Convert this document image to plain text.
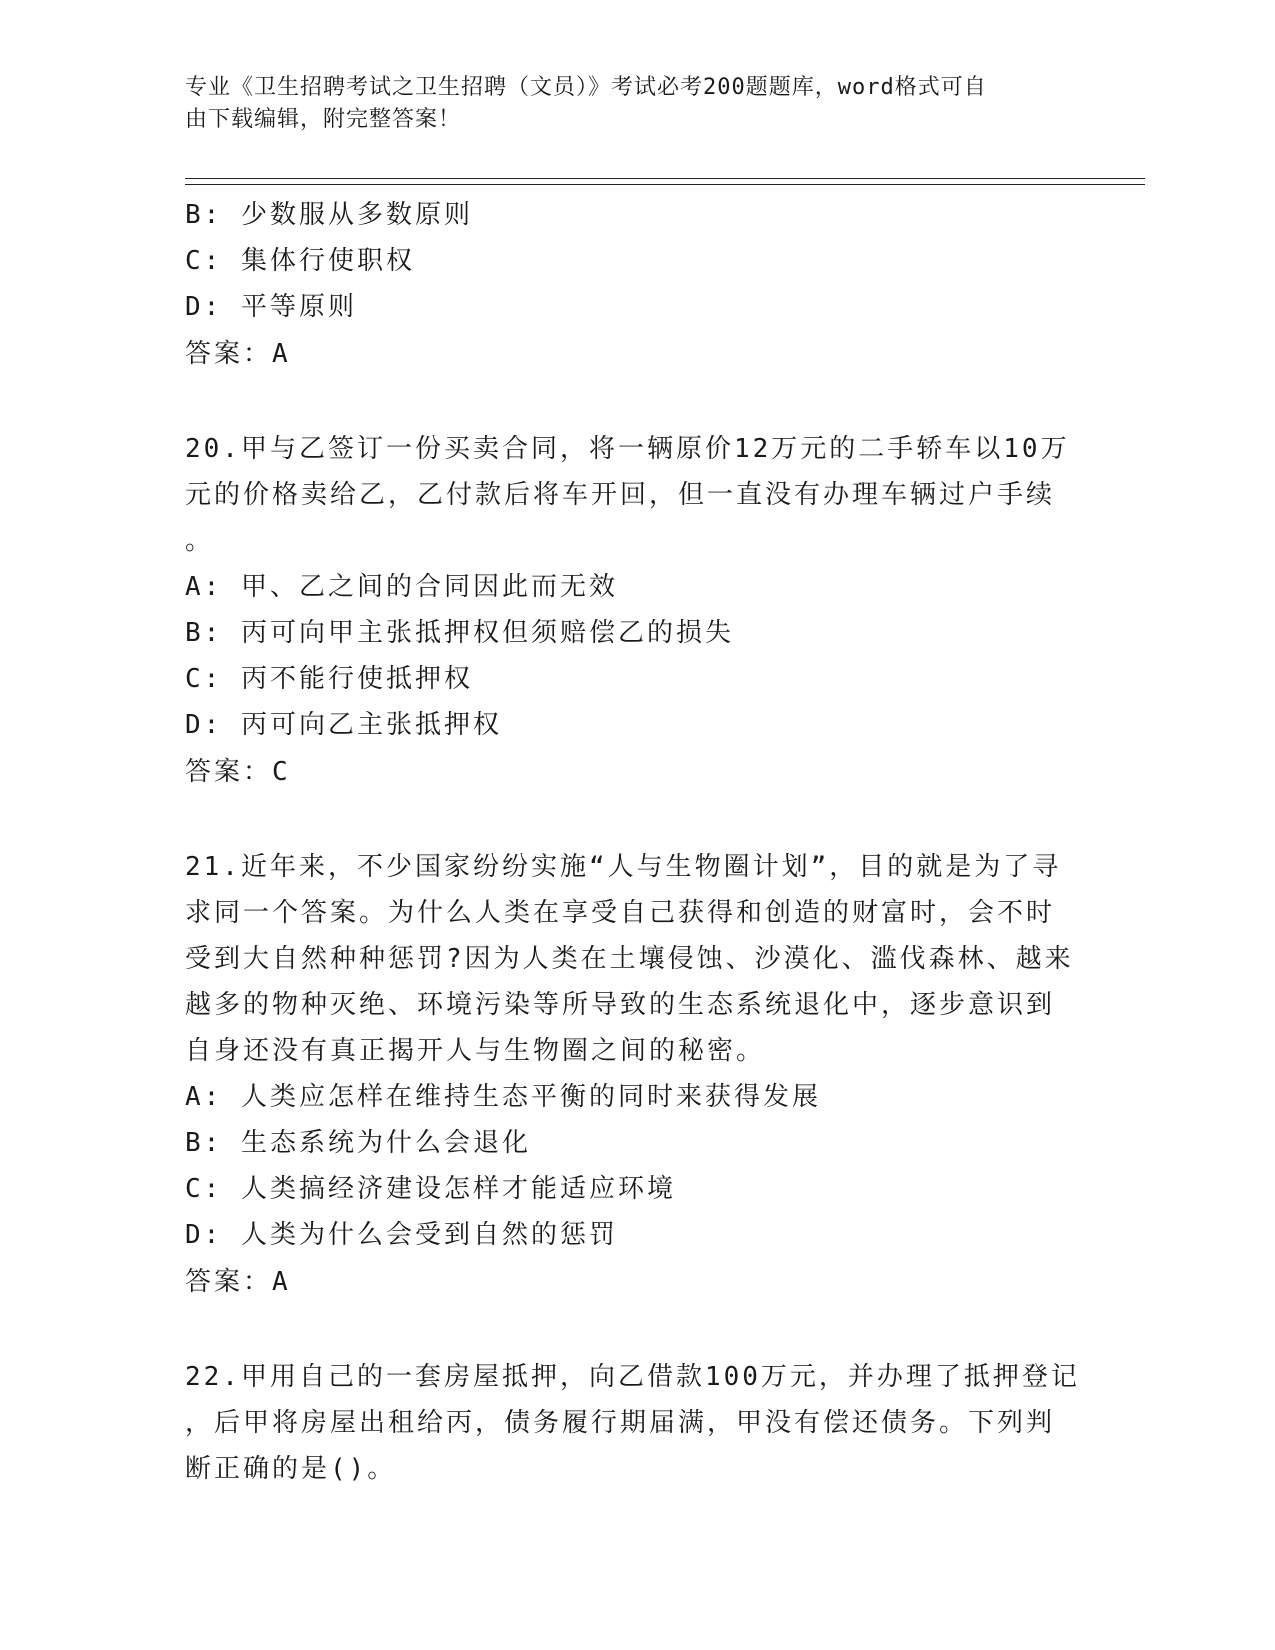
专业《卫生招聘考试之卫生招聘（文员）》考试必考200题题库，word格式可自
由下载编辑，附完整答案！
B: 少数服从多数原则
C: 集体行使职权
D: 平等原则
答案：A
20.甲与乙签订一份买卖合同，将一辆原价12万元的二手轿车以10万
元的价格卖给乙，乙付款后将车开回，但一直没有办理车辆过户手续
。
A: 甲、乙之间的合同因此而无效
B: 丙可向甲主张抵押权但须赔偿乙的损失
C: 丙不能行使抵押权
D: 丙可向乙主张抵押权
答案：C
21.近年来，不少国家纷纷实施“人与生物圈计划”，目的就是为了寻
求同一个答案。为什么人类在享受自己获得和创造的财富时，会不时
受到大自然种种惩罚?因为人类在土壤侵蚀、沙漠化、滥伐森林、越来
越多的物种灭绝、环境污染等所导致的生态系统退化中，逐步意识到
自身还没有真正揭开人与生物圈之间的秘密。
A: 人类应怎样在维持生态平衡的同时来获得发展
B: 生态系统为什么会退化
C: 人类搞经济建设怎样才能适应环境
D: 人类为什么会受到自然的惩罚
答案：A
22.甲用自己的一套房屋抵押，向乙借款100万元，并办理了抵押登记
，后甲将房屋出租给丙，债务履行期届满，甲没有偿还债务。下列判
断正确的是()。
